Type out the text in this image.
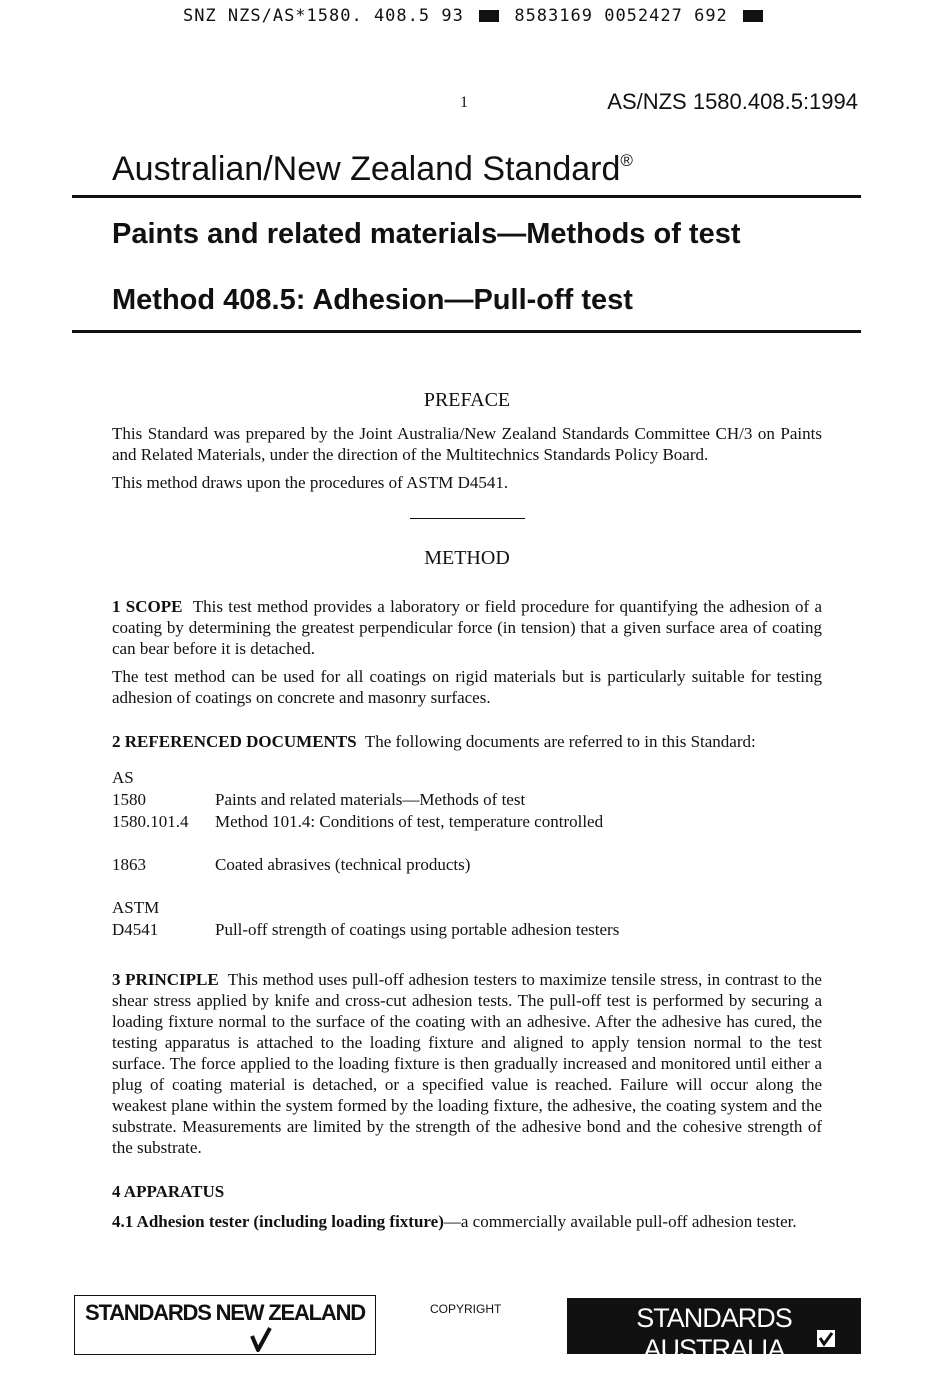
SNZ NZS/AS*1580. 408.5 93	8583169 0052427 692
1	AS/NZS 1580.408.5:1994
Australian/New Zealand Standard®
Paints and related materials—Methods of test
Method 408.5: Adhesion—Pull-off test
PREFACE
This Standard was prepared by the Joint Australia/New Zealand Standards Committee CH/3 on Paints and Related Materials, under the direction of the Multitechnics Standards Policy Board.
This method draws upon the procedures of ASTM D4541.
METHOD
1 SCOPE This test method provides a laboratory or field procedure for quantifying the adhesion of a coating by determining the greatest perpendicular force (in tension) that a given surface area of coating can bear before it is detached.
The test method can be used for all coatings on rigid materials but is particularly suitable for testing adhesion of coatings on concrete and masonry surfaces.
2 REFERENCED DOCUMENTS The following documents are referred to in this Standard:
AS
1580	Paints and related materials—Methods of test
1580.101.4	Method 101.4: Conditions of test, temperature controlled
1863	Coated abrasives (technical products)
ASTM
D4541	Pull-off strength of coatings using portable adhesion testers
3 PRINCIPLE This method uses pull-off adhesion testers to maximize tensile stress, in contrast to the shear stress applied by knife and cross-cut adhesion tests. The pull-off test is performed by securing a loading fixture normal to the surface of the coating with an adhesive. After the adhesive has cured, the testing apparatus is attached to the loading fixture and aligned to apply tension normal to the test surface. The force applied to the loading fixture is then gradually increased and monitored until either a plug of coating material is detached, or a specified value is reached. Failure will occur along the weakest plane within the system formed by the loading fixture, the adhesive, the coating system and the substrate. Measurements are limited by the strength of the adhesive bond and the cohesive strength of the substrate.
4 APPARATUS
4.1 Adhesion tester (including loading fixture)—a commercially available pull-off adhesion tester.
STANDARDS NEW ZEALAND	COPYRIGHT	STANDARDS AUSTRALIA
